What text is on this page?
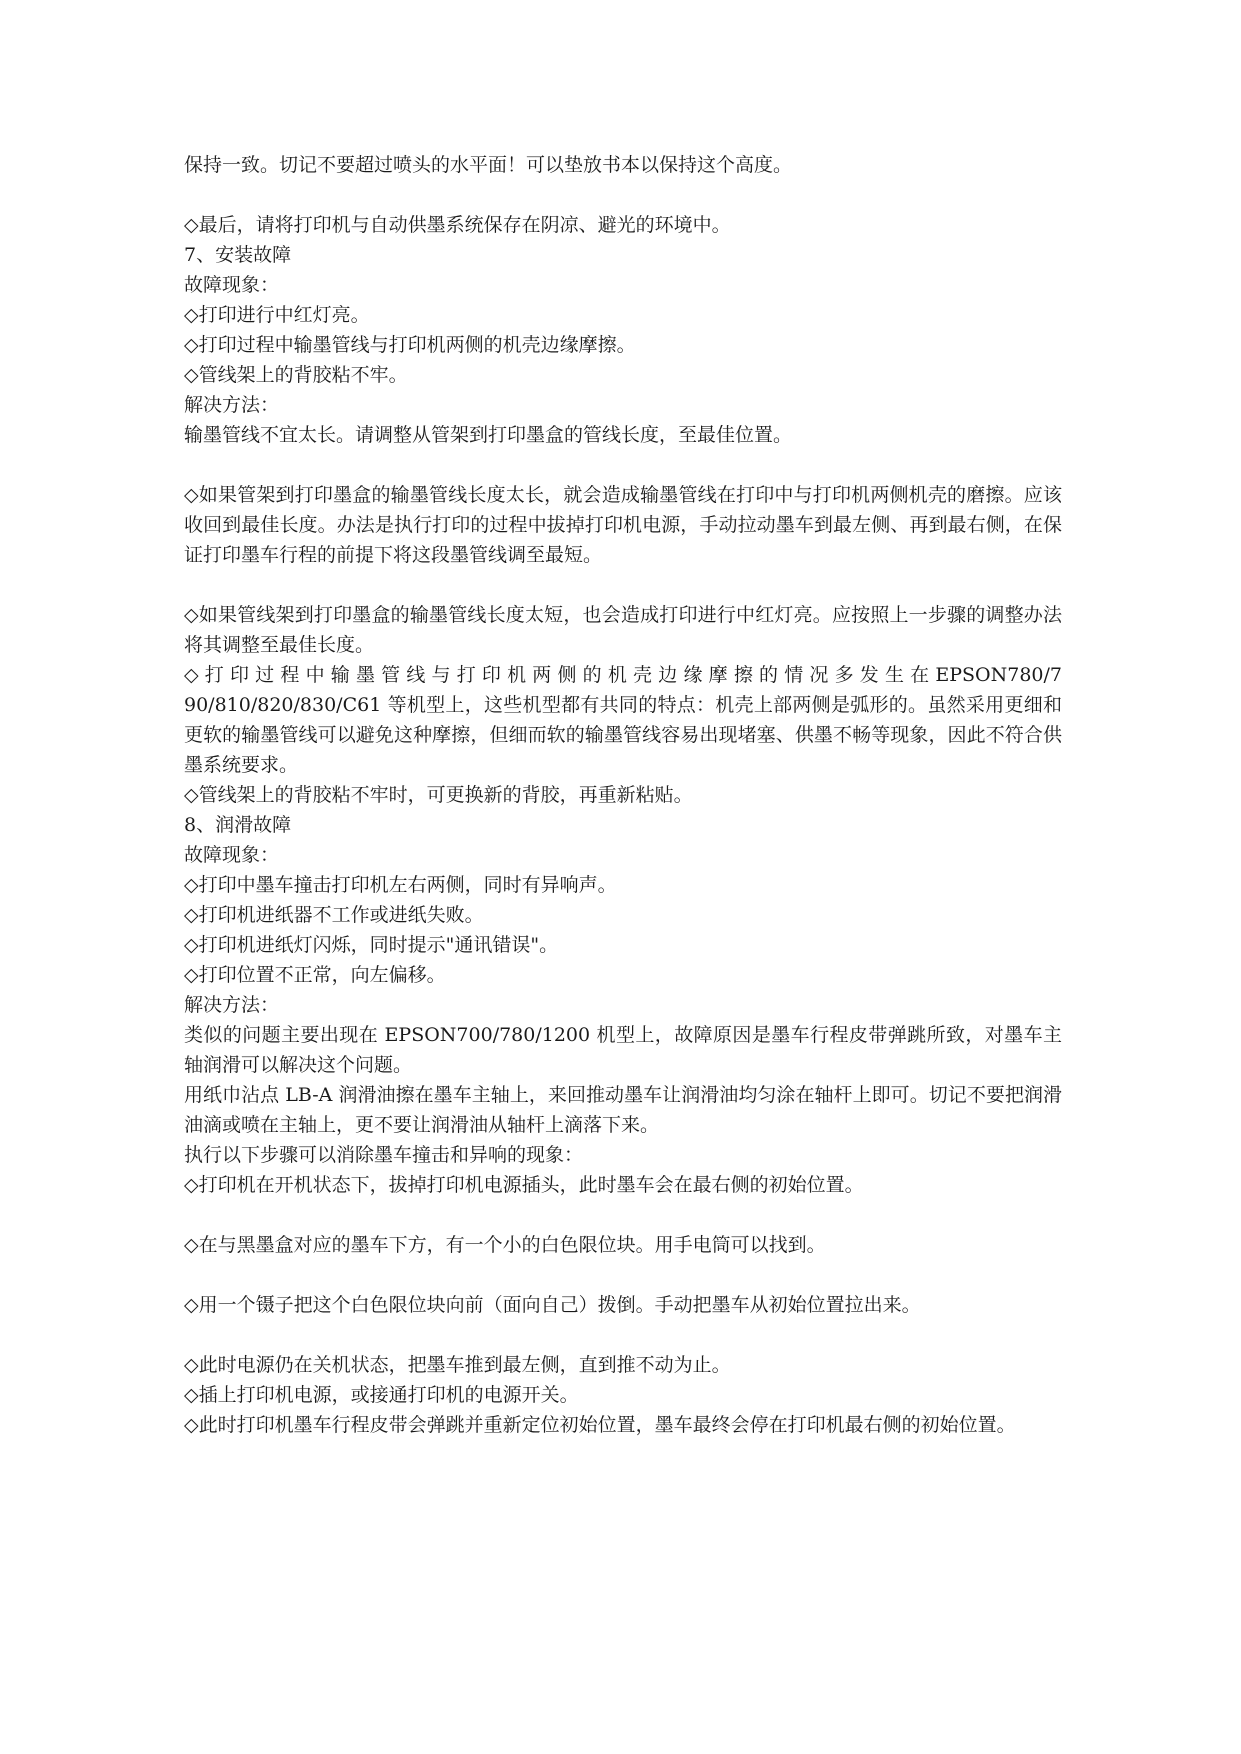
保持一致。切记不要超过喷头的水平面！可以垫放书本以保持这个高度。
◇最后，请将打印机与自动供墨系统保存在阴凉、避光的环境中。
7、安装故障
故障现象：
◇打印进行中红灯亮。
◇打印过程中输墨管线与打印机两侧的机壳边缘摩擦。
◇管线架上的背胶粘不牢。
解决方法：
输墨管线不宜太长。请调整从管架到打印墨盒的管线长度，至最佳位置。
◇如果管架到打印墨盒的输墨管线长度太长，就会造成输墨管线在打印中与打印机两侧机壳的磨擦。应该收回到最佳长度。办法是执行打印的过程中拔掉打印机电源，手动拉动墨车到最左侧、再到最右侧，在保证打印墨车行程的前提下将这段墨管线调至最短。
◇如果管线架到打印墨盒的输墨管线长度太短，也会造成打印进行中红灯亮。应按照上一步骤的调整办法将其调整至最佳长度。
◇ 打 印 过 程 中 输 墨 管 线 与 打 印 机 两 侧 的 机 壳 边 缘 摩 擦 的 情 况 多 发 生 在 EPSON780/790/810/820/830/C61 等机型上，这些机型都有共同的特点：机壳上部两侧是弧形的。虽然采用更细和更软的输墨管线可以避免这种摩擦，但细而软的输墨管线容易出现堵塞、供墨不畅等现象，因此不符合供墨系统要求。
◇管线架上的背胶粘不牢时，可更换新的背胶，再重新粘贴。
8、润滑故障
故障现象：
◇打印中墨车撞击打印机左右两侧，同时有异响声。
◇打印机进纸器不工作或进纸失败。
◇打印机进纸灯闪烁，同时提示"通讯错误"。
◇打印位置不正常，向左偏移。
解决方法：
类似的问题主要出现在 EPSON700/780/1200 机型上，故障原因是墨车行程皮带弹跳所致，对墨车主轴润滑可以解决这个问题。
用纸巾沾点 LB-A 润滑油擦在墨车主轴上，来回推动墨车让润滑油均匀涂在轴杆上即可。切记不要把润滑油滴或喷在主轴上，更不要让润滑油从轴杆上滴落下来。
执行以下步骤可以消除墨车撞击和异响的现象：
◇打印机在开机状态下，拔掉打印机电源插头，此时墨车会在最右侧的初始位置。
◇在与黑墨盒对应的墨车下方，有一个小的白色限位块。用手电筒可以找到。
◇用一个镊子把这个白色限位块向前（面向自己）拨倒。手动把墨车从初始位置拉出来。
◇此时电源仍在关机状态，把墨车推到最左侧，直到推不动为止。
◇插上打印机电源，或接通打印机的电源开关。
◇此时打印机墨车行程皮带会弹跳并重新定位初始位置，墨车最终会停在打印机最右侧的初始位置。
